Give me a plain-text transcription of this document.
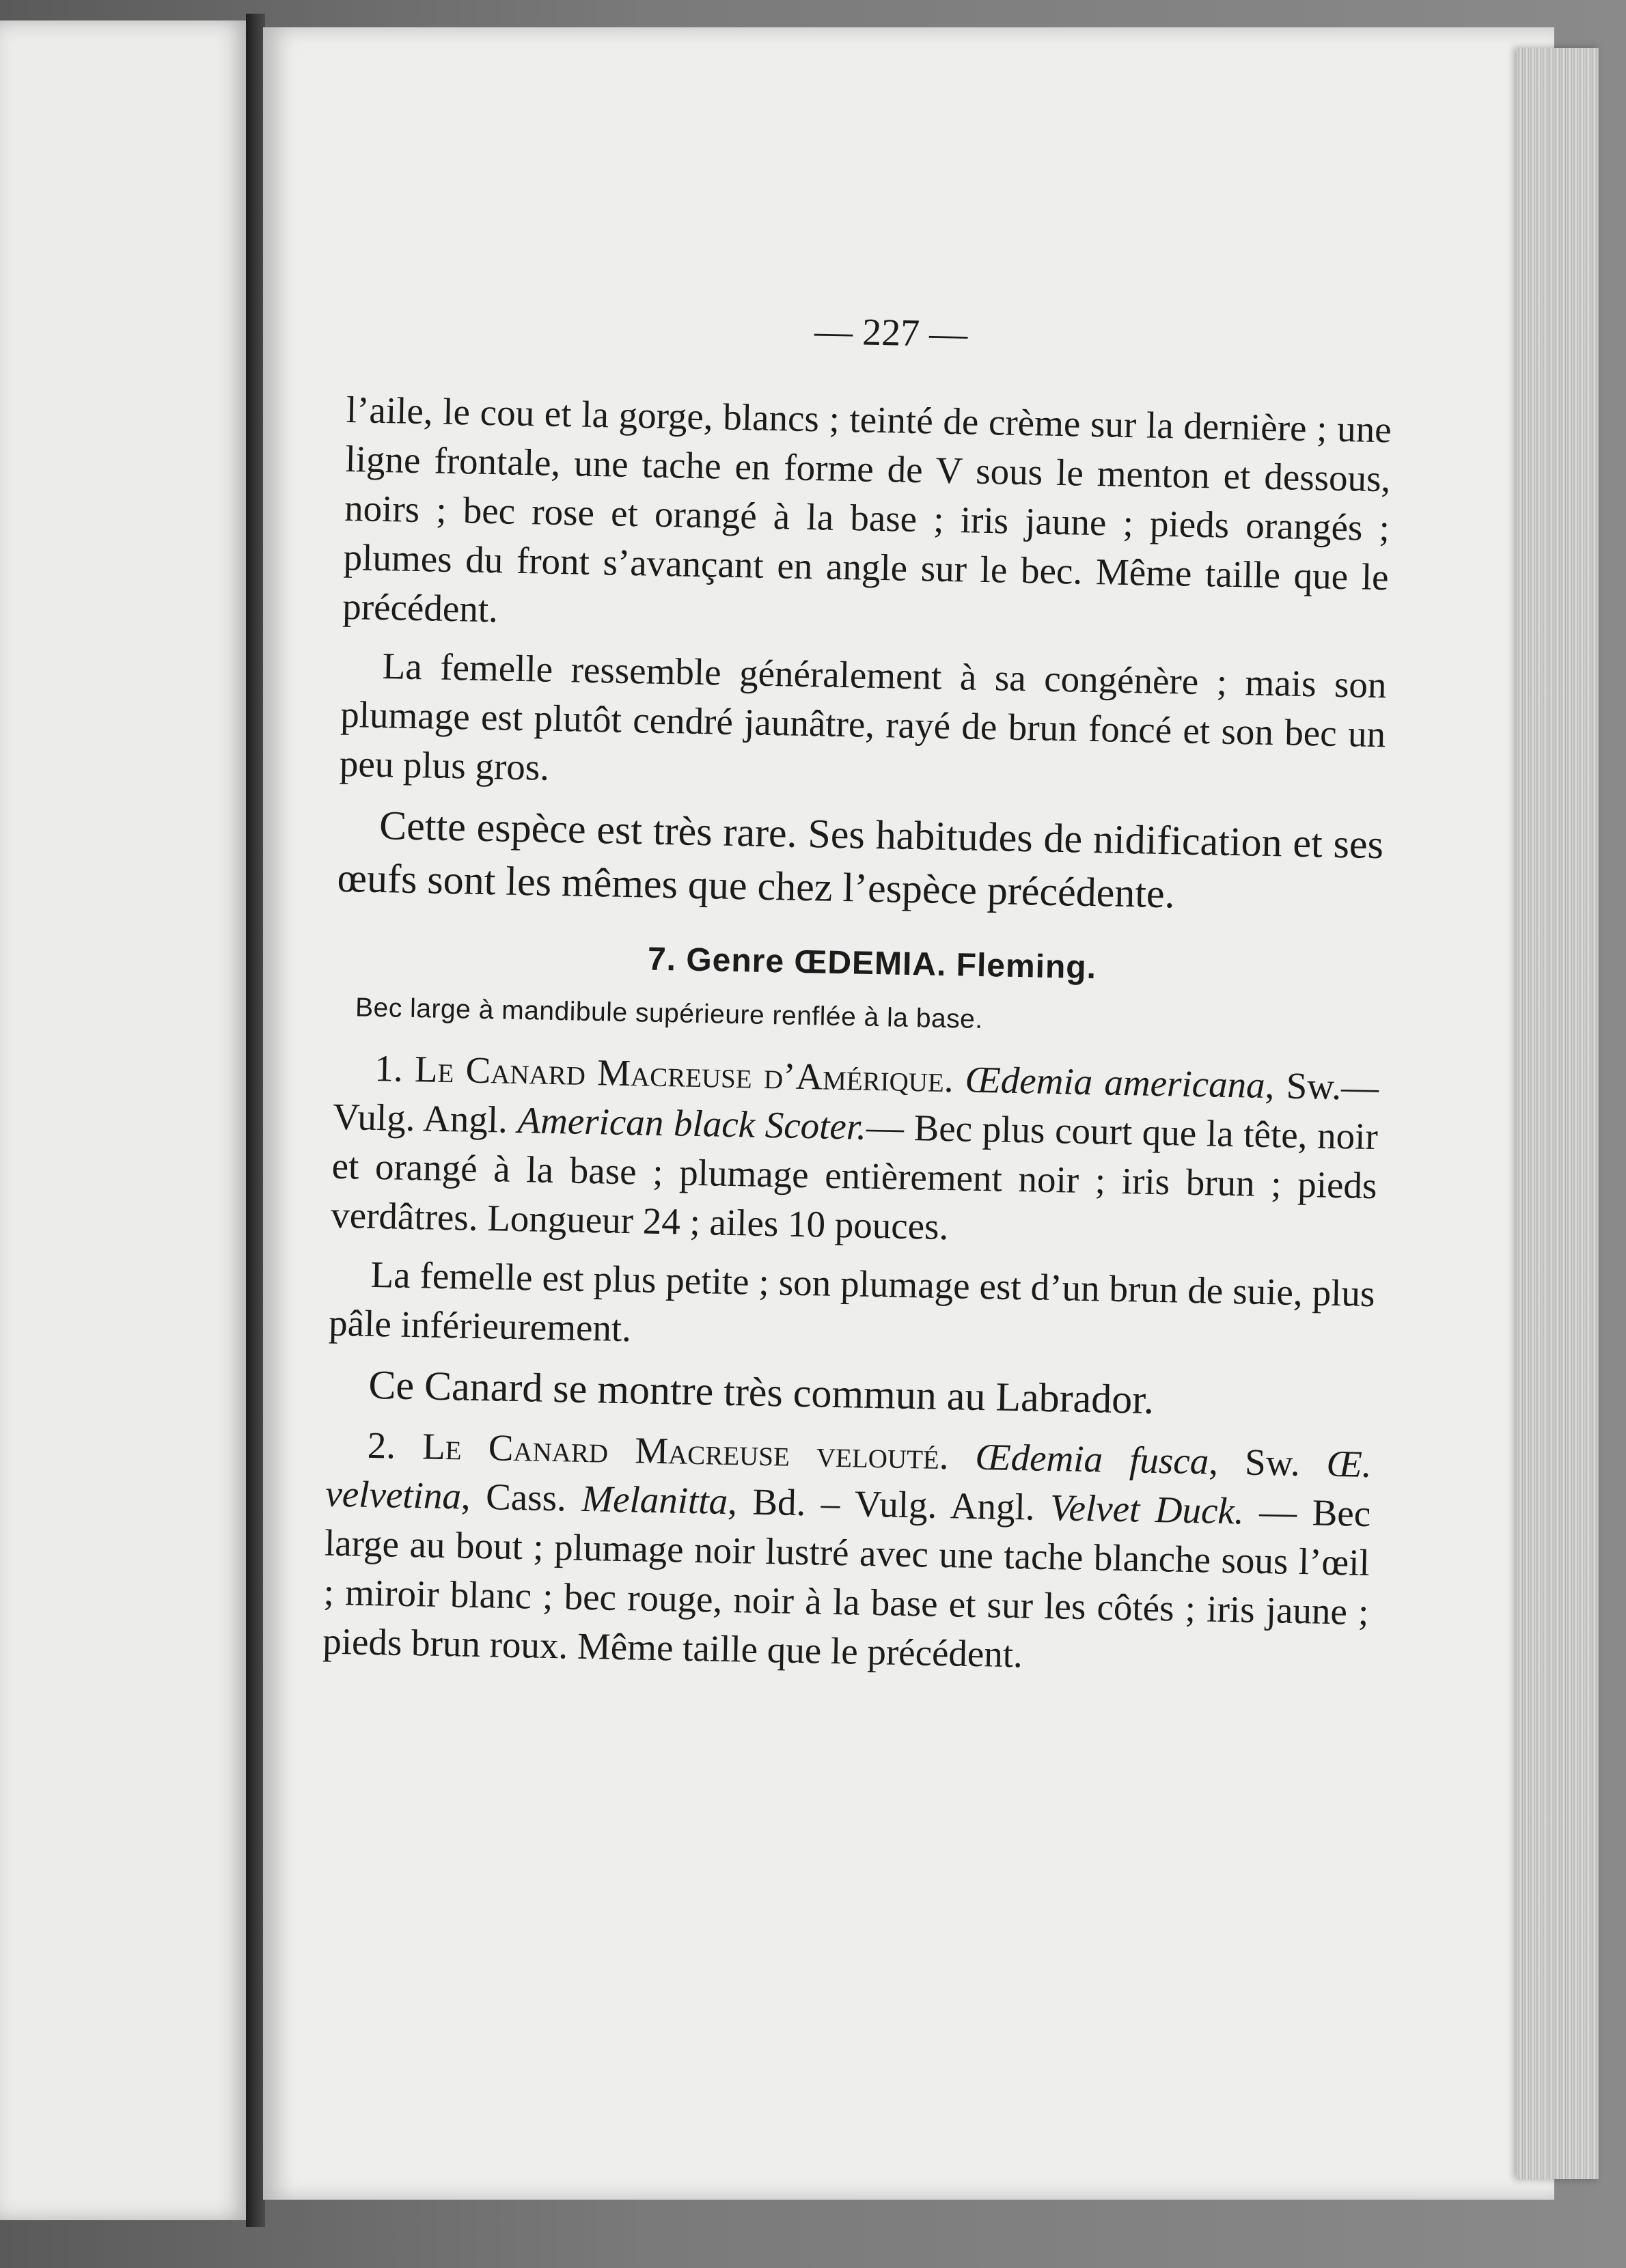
— 227 —

l’aile, le cou et la gorge, blancs ; teinté de crème sur la dernière ; une ligne frontale, une tache en forme de V sous le menton et dessous, noirs ; bec rose et orangé à la base ; iris jaune ; pieds orangés ; plumes du front s’avançant en angle sur le bec. Même taille que le précédent.

La femelle ressemble généralement à sa congénère ; mais son plumage est plutôt cendré jaunâtre, rayé de brun foncé et son bec un peu plus gros.

Cette espèce est très rare. Ses habitudes de nidification et ses œufs sont les mêmes que chez l’espèce précédente.

7. Genre ŒDEMIA. Fleming.
Bec large à mandibule supérieure renflée à la base.

1. Le Canard Macreuse d’Amérique. Œdemia americana, Sw.—Vulg. Angl. American black Scoter.— Bec plus court que la tête, noir et orangé à la base ; plumage entièrement noir ; iris brun ; pieds verdâtres. Longueur 24 ; ailes 10 pouces.

La femelle est plus petite ; son plumage est d’un brun de suie, plus pâle inférieurement.

Ce Canard se montre très commun au Labrador.

2. Le Canard Macreuse velouté. Œdemia fusca, Sw. Œ. velvetina, Cass. Melanitta, Bd. – Vulg. Angl. Velvet Duck. — Bec large au bout ; plumage noir lustré avec une tache blanche sous l’œil ; miroir blanc ; bec rouge, noir à la base et sur les côtés ; iris jaune ; pieds brun roux. Même taille que le précédent.
